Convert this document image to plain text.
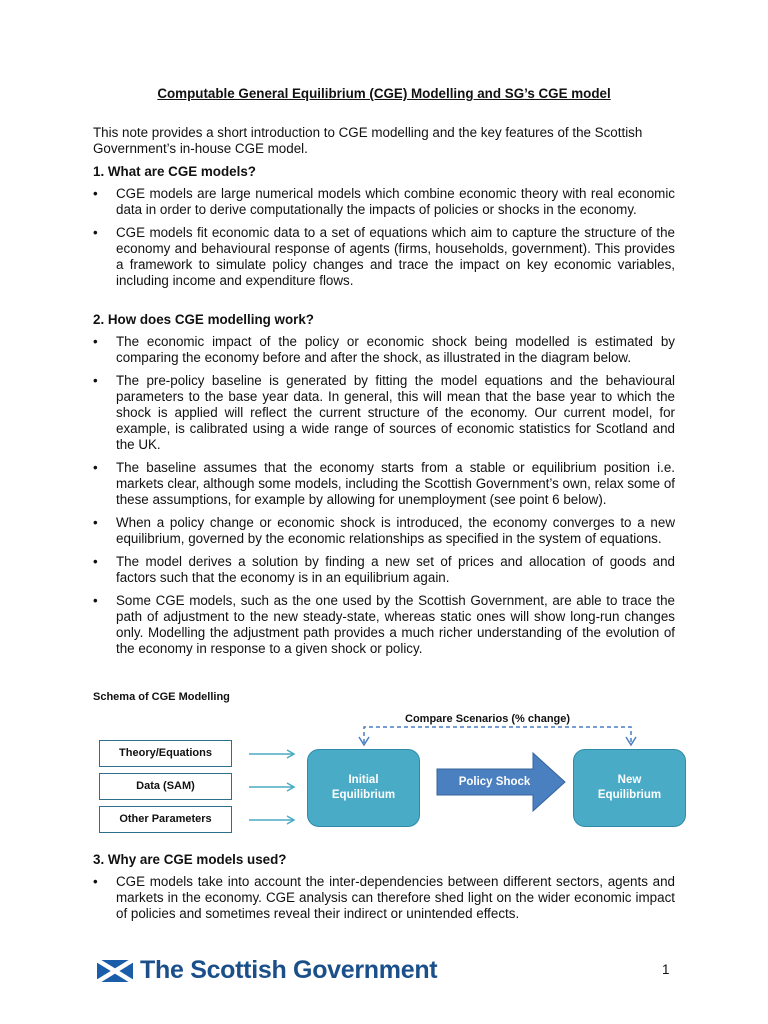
Computable General Equilibrium (CGE) Modelling and SG’s CGE model

This note provides a short introduction to CGE modelling and the key features of the Scottish Government’s in-house CGE model.

1. What are CGE models?
• CGE models are large numerical models which combine economic theory with real economic data in order to derive computationally the impacts of policies or shocks in the economy.
• CGE models fit economic data to a set of equations which aim to capture the structure of the economy and behavioural response of agents (firms, households, government). This provides a framework to simulate policy changes and trace the impact on key economic variables, including income and expenditure flows.
2. How does CGE modelling work?
• The economic impact of the policy or economic shock being modelled is estimated by comparing the economy before and after the shock, as illustrated in the diagram below.
• The pre-policy baseline is generated by fitting the model equations and the behavioural parameters to the base year data. In general, this will mean that the base year to which the shock is applied will reflect the current structure of the economy. Our current model, for example, is calibrated using a wide range of sources of economic statistics for Scotland and the UK.
• The baseline assumes that the economy starts from a stable or equilibrium position i.e. markets clear, although some models, including the Scottish Government’s own, relax some of these assumptions, for example by allowing for unemployment (see point 6 below).
• When a policy change or economic shock is introduced, the economy converges to a new equilibrium, governed by the economic relationships as specified in the system of equations.
• The model derives a solution by finding a new set of prices and allocation of goods and factors such that the economy is in an equilibrium again.
• Some CGE models, such as the one used by the Scottish Government, are able to trace the path of adjustment to the new steady-state, whereas static ones will show long-run changes only. Modelling the adjustment path provides a much richer understanding of the evolution of the economy in response to a given shock or policy.
Schema of CGE Modelling
Compare Scenarios (% change)
Theory/Equations
Data (SAM)
Other Parameters
Initial Equilibrium
Policy Shock	New Equilibrium
3. Why are CGE models used?
• CGE models take into account the inter-dependencies between different sectors, agents and markets in the economy. CGE analysis can therefore shed light on the wider economic impact of policies and sometimes reveal their indirect or unintended effects.
The Scottish Government	1
